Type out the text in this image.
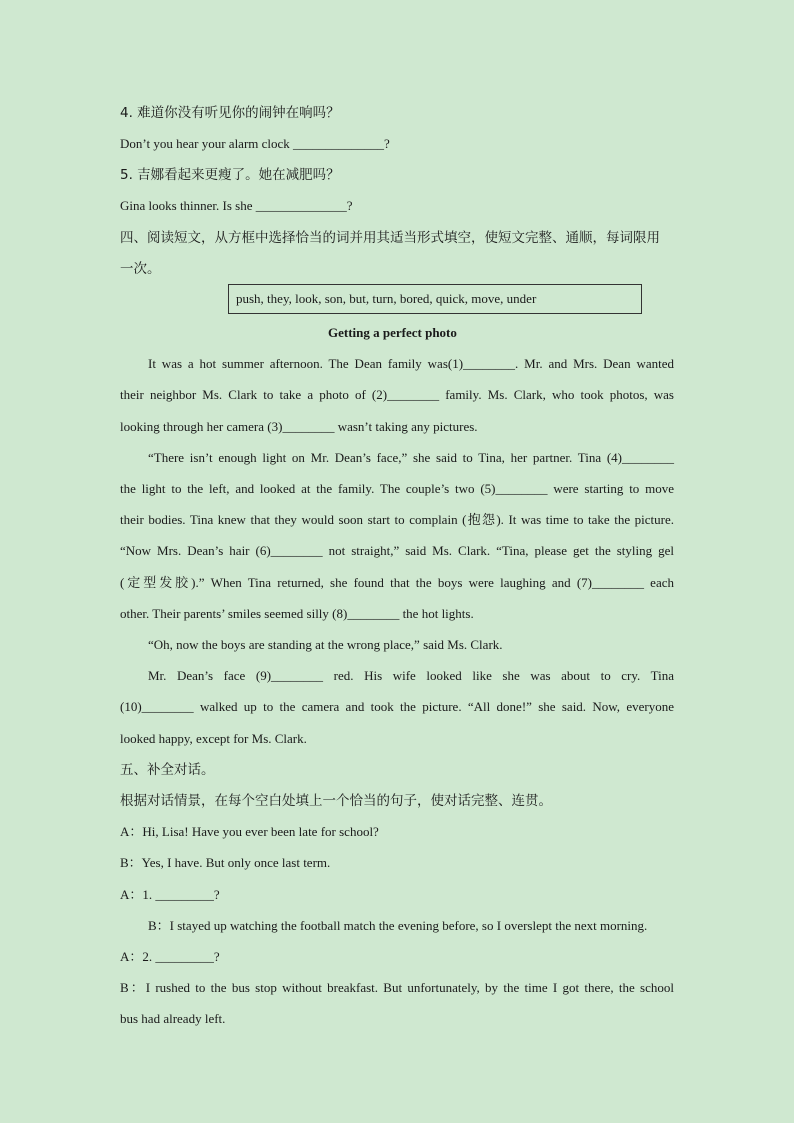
4. 难道你没有听见你的闹钟在响吗？
Don’t you hear your alarm clock ______________?
5. 吉娜看起来更瘦了。她在减肥吗？
Gina looks thinner. Is she ______________?
四、阅读短文，从方框中选择恰当的词并用其适当形式填空，使短文完整、通顺，每词限用
一次。
push, they, look, son, but, turn, bored, quick, move, under
Getting a perfect photo
It was a hot summer afternoon. The Dean family was(1)________. Mr. and Mrs. Dean wanted
their neighbor Ms. Clark to take a photo of (2)________ family. Ms. Clark, who took photos, was
looking through her camera (3)________ wasn’t taking any pictures.
“There isn’t enough light on Mr. Dean’s face,” she said to Tina, her partner. Tina (4)________
the light to the left, and looked at the family. The couple’s two (5)________ were starting to move
their bodies. Tina knew that they would soon start to complain (抱怨). It was time to take the picture.
“Now Mrs. Dean’s hair (6)________ not straight,” said Ms. Clark. “Tina, please get the styling gel
(定型发胶).” When Tina returned, she found that the boys were laughing and (7)________ each
other. Their parents’ smiles seemed silly (8)________ the hot lights.
“Oh, now the boys are standing at the wrong place,” said Ms. Clark.
Mr. Dean’s face (9)________ red. His wife looked like she was about to cry. Tina
(10)________ walked up to the camera and took the picture. “All done!” she said. Now, everyone
looked happy, except for Ms. Clark.
五、补全对话。
根据对话情景，在每个空白处填上一个恰当的句子，使对话完整、连贯。
A：Hi, Lisa! Have you ever been late for school?
B：Yes, I have. But only once last term.
A：1. _________?
B：I stayed up watching the football match the evening before, so I overslept the next morning.
A：2. _________?
B：I rushed to the bus stop without breakfast. But unfortunately, by the time I got there, the school
bus had already left.
